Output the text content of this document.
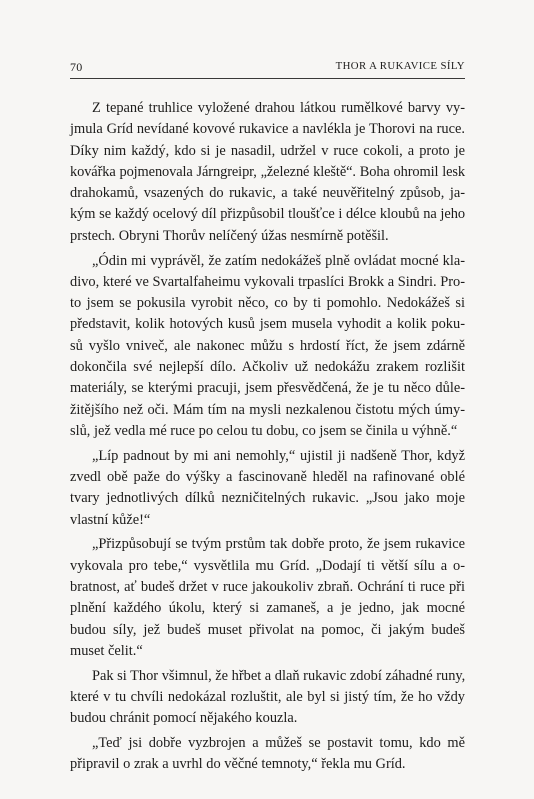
70	THOR A RUKAVICE SÍLY
Z tepané truhlice vyložené drahou látkou rumělkové barvy vy-
jmula Gríd nevídané kovové rukavice a navlékla je Thorovi na ruce.
Díky nim každý, kdo si je nasadil, udržel v ruce cokoli, a proto je
kovářka pojmenovala Járngreipr, „železné kleště“. Boha ohromil lesk
drahokamů, vsazených do rukavic, a také neuvěřitelný způsob, ja-
kým se každý ocelový díl přizpůsobil tloušťce i délce kloubů na jeho
prstech. Obryni Thorův nelíčený úžas nesmírně potěšil.
„Ódin mi vyprávěl, že zatím nedokážeš plně ovládat mocné kla-
divo, které ve Svartalfaheimu vykovali trpaslíci Brokk a Sindri. Pro-
to jsem se pokusila vyrobit něco, co by ti pomohlo. Nedokážeš si
představit, kolik hotových kusů jsem musela vyhodit a kolik poku-
sů vyšlo vniveč, ale nakonec můžu s hrdostí říct, že jsem zdárně
dokončila své nejlepší dílo. Ačkoliv už nedokážu zrakem rozlišit
materiály, se kterými pracuji, jsem přesvědčená, že je tu něco důle-
žitějšího než oči. Mám tím na mysli nezkalenou čistotu mých úmy-
slů, jež vedla mé ruce po celou tu dobu, co jsem se činila u výhně.“
„Líp padnout by mi ani nemohly,“ ujistil ji nadšeně Thor, když
zvedl obě paže do výšky a fascinovaně hleděl na rafinované oblé
tvary jednotlivých dílků nezničitelných rukavic. „Jsou jako moje
vlastní kůže!“
„Přizpůsobují se tvým prstům tak dobře proto, že jsem rukavice
vykovala pro tebe,“ vysvětlila mu Gríd. „Dodají ti větší sílu a o-
bratnost, ať budeš držet v ruce jakoukoliv zbraň. Ochrání ti ruce při
plnění každého úkolu, který si zamaneš, a je jedno, jak mocné
budou síly, jež budeš muset přivolat na pomoc, či jakým budeš
muset čelit.“
Pak si Thor všimnul, že hřbet a dlaň rukavic zdobí záhadné runy,
které v tu chvíli nedokázal rozluštit, ale byl si jistý tím, že ho vždy
budou chránit pomocí nějakého kouzla.
„Teď jsi dobře vyzbrojen a můžeš se postavit tomu, kdo mě
připravil o zrak a uvrhl do věčné temnoty,“ řekla mu Gríd.
